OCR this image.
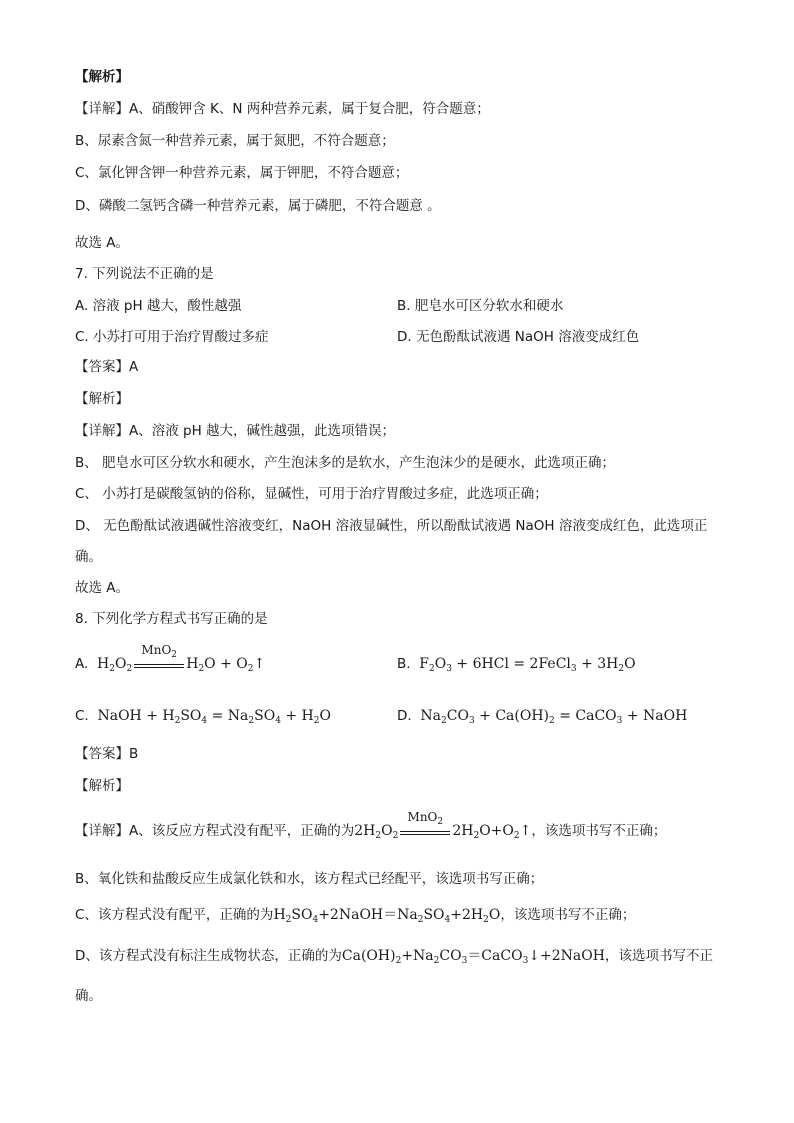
【解析】
【详解】A、硝酸钾含 K、N 两种营养元素，属于复合肥，符合题意；
B、尿素含氮一种营养元素，属于氮肥，不符合题意；
C、氯化钾含钾一种营养元素，属于钾肥，不符合题意；
D、磷酸二氢钙含磷一种营养元素，属于磷肥，不符合题意 。
故选 A。
7. 下列说法不正确的是
A. 溶液 pH 越大，酸性越强	B. 肥皂水可区分软水和硬水
C. 小苏打可用于治疗胃酸过多症	D. 无色酚酞试液遇 NaOH 溶液变成红色
【答案】A
【解析】
【详解】A、溶液 pH 越大，碱性越强，此选项错误；
B、 肥皂水可区分软水和硬水，产生泡沫多的是软水，产生泡沫少的是硬水，此选项正确；
C、 小苏打是碳酸氢钠的俗称，显碱性，可用于治疗胃酸过多症，此选项正确；
D、 无色酚酞试液遇碱性溶液变红，NaOH 溶液显碱性，所以酚酞试液遇 NaOH 溶液变成红色，此选项正
确。
故选 A。
8. 下列化学方程式书写正确的是
A.  $H_2O_2$
MnO$_2$
$H_2O$ + $O_2↑$	B.  $F_2O_3 + 6HCl$ = 2FeCl$_3$ + $3H_2O$
C.  NaOH + $H_2SO_4 = Na_2SO_4 + H_2O$	D.  $Na_2CO_3 + Ca(OH)_2$ = CaCO$_3$ + NaOH
【答案】B
【解析】
【详解】A、该反应方程式没有配平，正确的为$2H_2O_2$
MnO$_2$
$2H_2O+O_2↑$，该选项书写不正确；
B、氧化铁和盐酸反应生成氯化铁和水，该方程式已经配平，该选项书写正确；
C、该方程式没有配平，正确的为$H_2SO_4+2NaOH=Na_2SO_4+2H_2O$，该选项书写不正确；
D、该方程式没有标注生成物状态，正确的为$Ca(OH)_2+Na_2CO_3=CaCO_3↓+2NaOH$，该选项书写不正
确。
